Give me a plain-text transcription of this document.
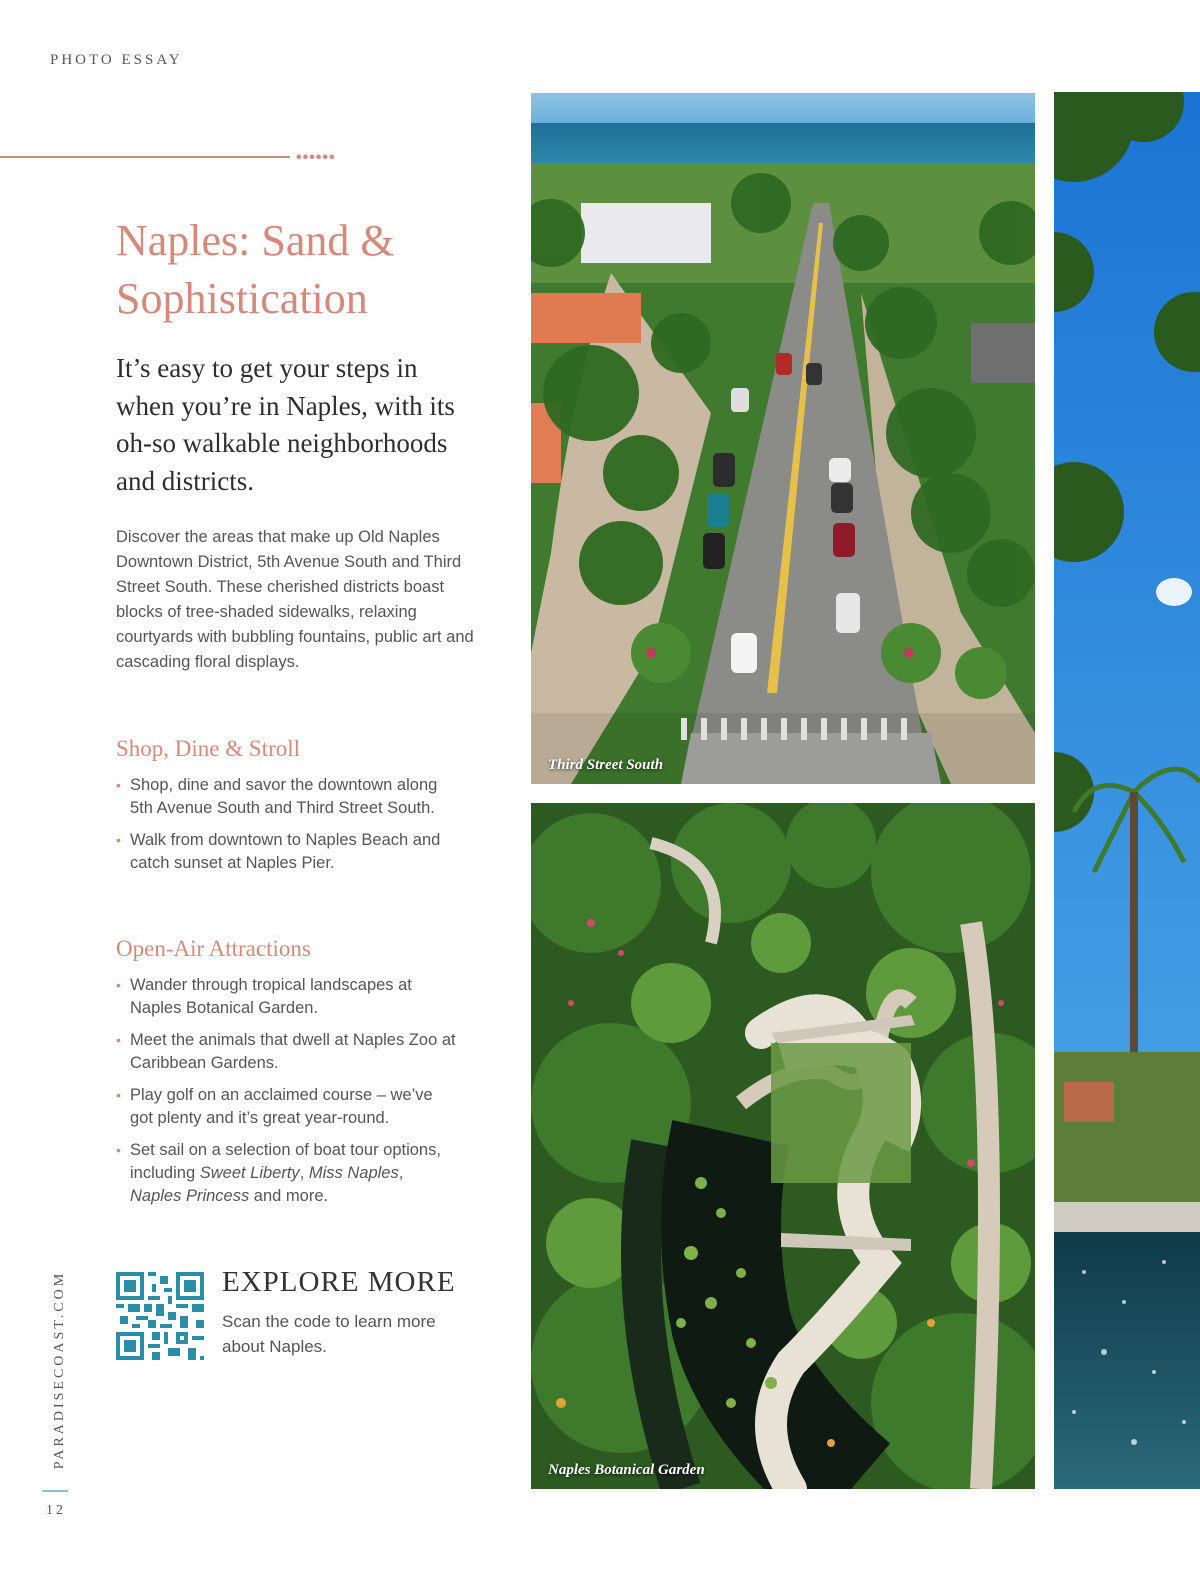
PHOTO ESSAY
••••••
Naples: Sand & Sophistication

It’s easy to get your steps in when you’re in Naples, with its oh-so walkable neighborhoods and districts.

Discover the areas that make up Old Naples Downtown District, 5th Avenue South and Third Street South. These cherished districts boast blocks of tree-shaded sidewalks, relaxing courtyards with bubbling fountains, public art and cascading floral displays.

Shop, Dine & Stroll
• Shop, dine and savor the downtown along 5th Avenue South and Third Street South.
• Walk from downtown to Naples Beach and catch sunset at Naples Pier.
Open-Air Attractions
• Wander through tropical landscapes at Naples Botanical Garden.
• Meet the animals that dwell at Naples Zoo at Caribbean Gardens.
• Play golf on an acclaimed course – we’ve got plenty and it’s great year-round.
• Set sail on a selection of boat tour options, including Sweet Liberty, Miss Naples, Naples Princess and more.
EXPLORE MORE

Scan the code to learn more about Naples.

PARADISECOAST.COM
12

Third Street South

Naples Botanical Garden
